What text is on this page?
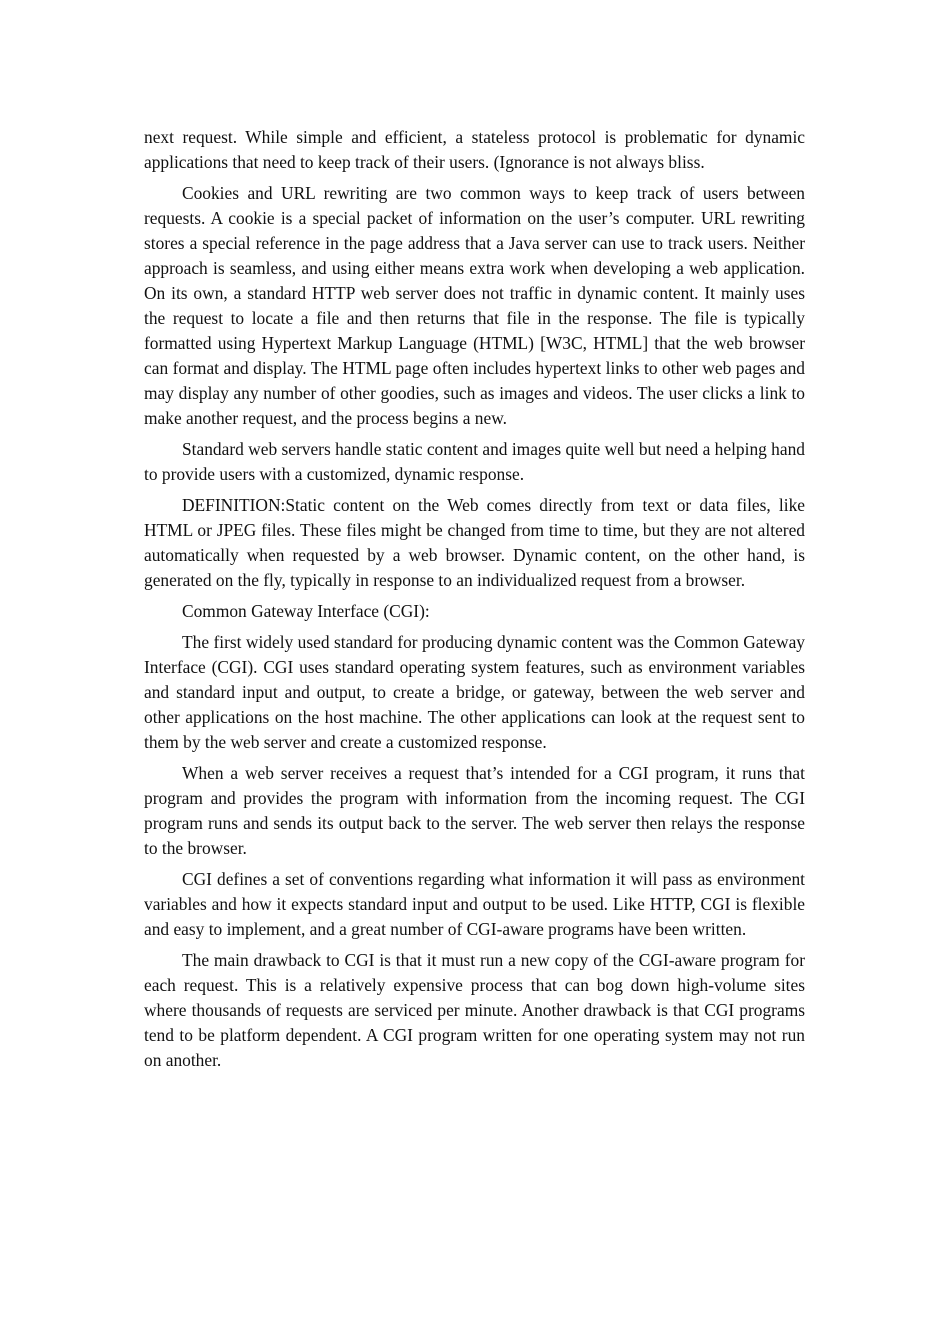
next request. While simple and efficient, a stateless protocol is problematic for dynamic applications that need to keep track of their users. (Ignorance is not always bliss.

Cookies and URL rewriting are two common ways to keep track of users between requests. A cookie is a special packet of information on the user’s computer. URL rewriting stores a special reference in the page address that a Java server can use to track users. Neither approach is seamless, and using either means extra work when developing a web application. On its own, a standard HTTP web server does not traffic in dynamic content. It mainly uses the request to locate a file and then returns that file in the response. The file is typically formatted using Hypertext Markup Language (HTML) [W3C, HTML] that the web browser can format and display. The HTML page often includes hypertext links to other web pages and may display any number of other goodies, such as images and videos. The user clicks a link to make another request, and the process begins a new.

Standard web servers handle static content and images quite well but need a helping hand to provide users with a customized, dynamic response.

DEFINITION:Static content on the Web comes directly from text or data files, like HTML or JPEG files. These files might be changed from time to time, but they are not altered automatically when requested by a web browser. Dynamic content, on the other hand, is generated on the fly, typically in response to an individualized request from a browser.

Common Gateway Interface (CGI):

The first widely used standard for producing dynamic content was the Common Gateway Interface (CGI). CGI uses standard operating system features, such as environment variables and standard input and output, to create a bridge, or gateway, between the web server and other applications on the host machine. The other applications can look at the request sent to them by the web server and create a customized response.

When a web server receives a request that’s intended for a CGI program, it runs that program and provides the program with information from the incoming request. The CGI program runs and sends its output back to the server. The web server then relays the response to the browser.

CGI defines a set of conventions regarding what information it will pass as environment variables and how it expects standard input and output to be used. Like HTTP, CGI is flexible and easy to implement, and a great number of CGI-aware programs have been written.

The main drawback to CGI is that it must run a new copy of the CGI-aware program for each request. This is a relatively expensive process that can bog down high-volume sites where thousands of requests are serviced per minute. Another drawback is that CGI programs tend to be platform dependent. A CGI program written for one operating system may not run on another.
